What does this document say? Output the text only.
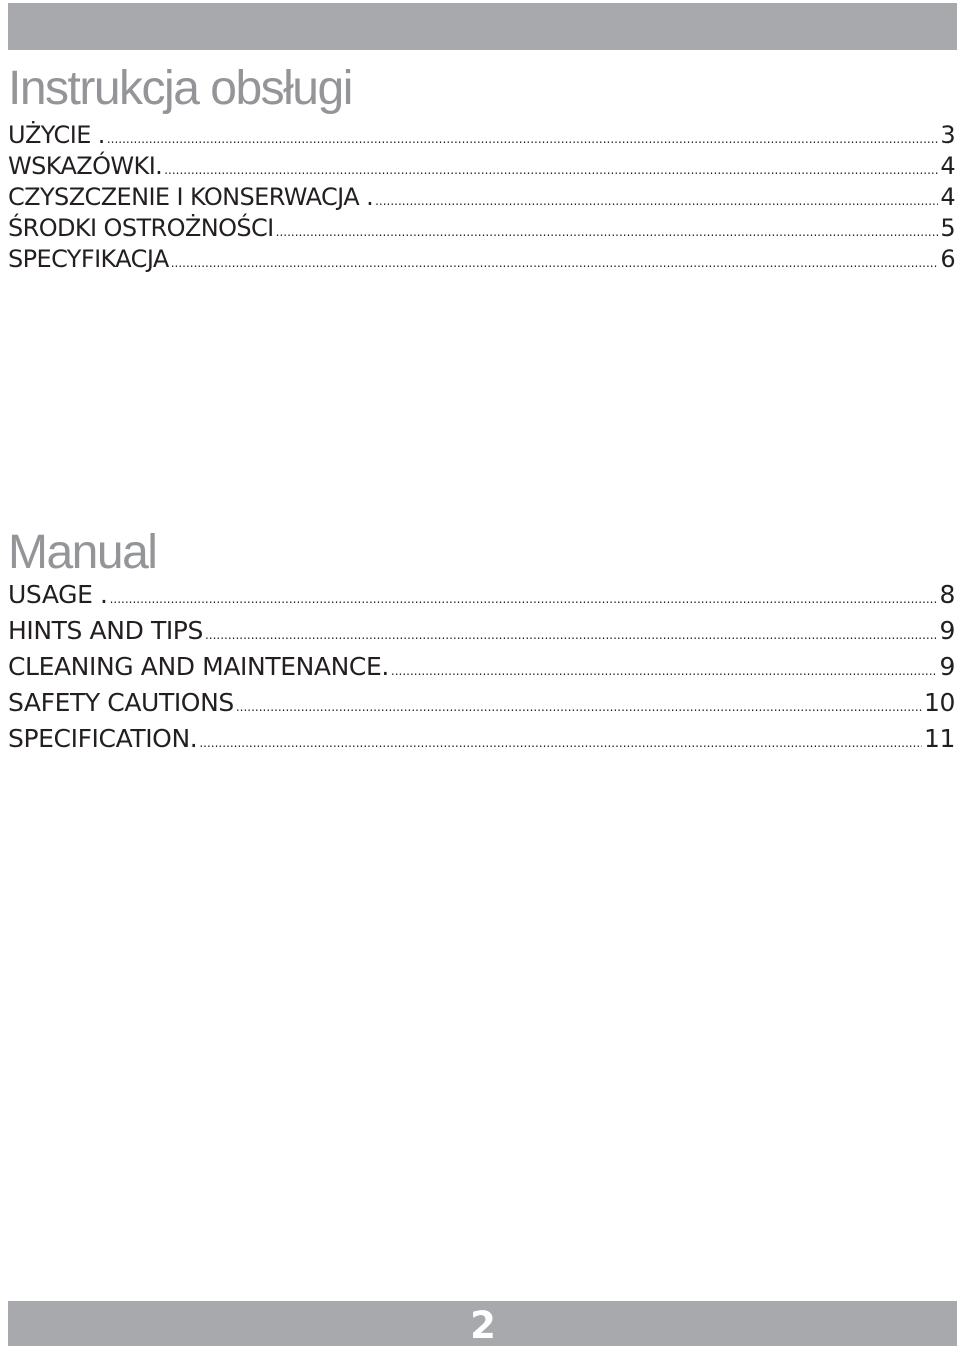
Instrukcja obsługi
UŻYCIE . .....	3
WSKAZÓWKI. .....	4
CZYSZCZENIE I KONSERWACJA . .....	4
ŚRODKI OSTROŻNOŚCI .....	5
SPECYFIKACJA .....	6
Manual
USAGE . .....	8
HINTS AND TIPS .....	9
CLEANING AND MAINTENANCE. .....	9
SAFETY CAUTIONS .....	10
SPECIFICATION. .....	11
2
